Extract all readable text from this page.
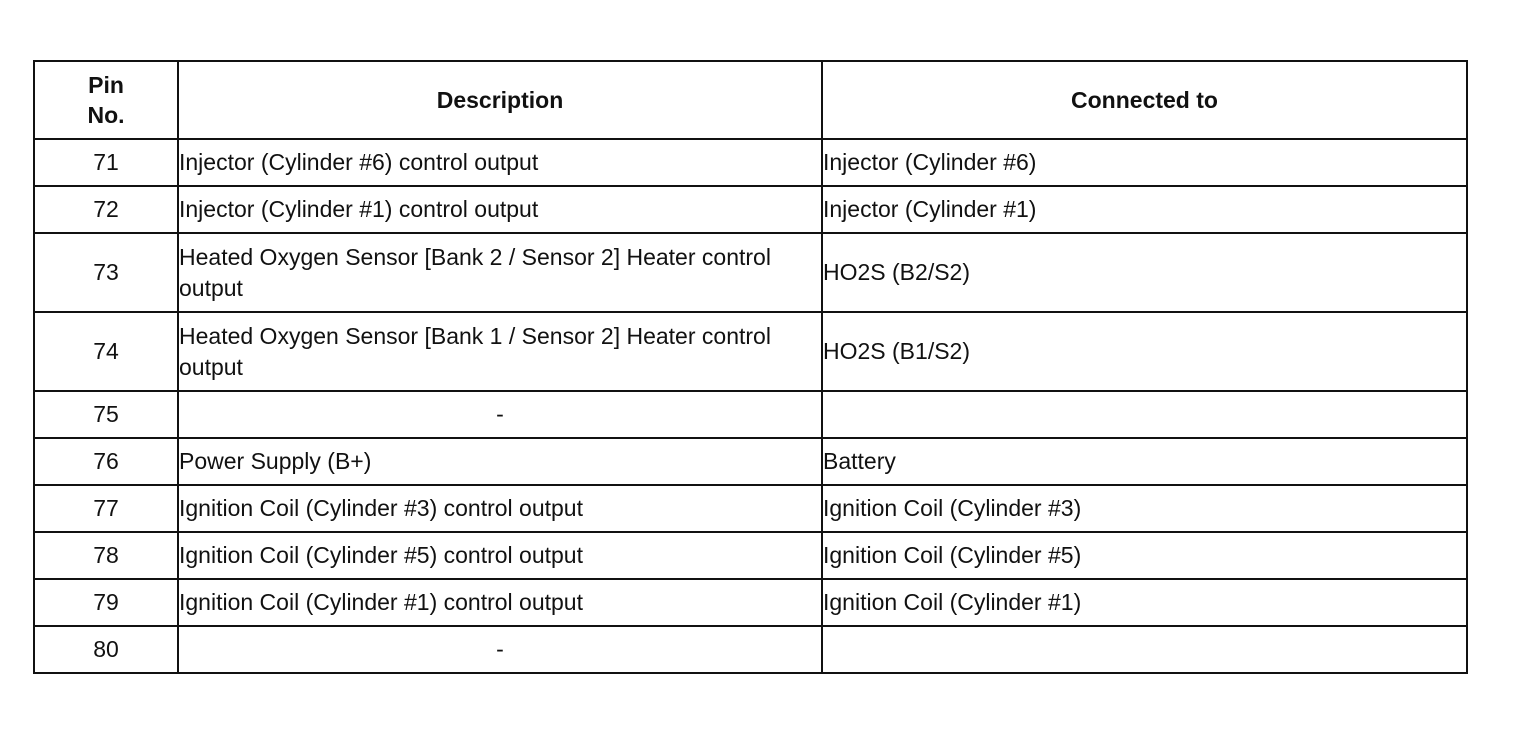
Pin
No.	Description	Connected to
71	Injector (Cylinder #6) control output	Injector (Cylinder #6)
72	Injector (Cylinder #1) control output	Injector (Cylinder #1)
73	Heated Oxygen Sensor [Bank 2 / Sensor 2] Heater control output	HO2S (B2/S2)
74	Heated Oxygen Sensor [Bank 1 / Sensor 2] Heater control output	HO2S (B1/S2)
75	-	
76	Power Supply (B+)	Battery
77	Ignition Coil (Cylinder #3) control output	Ignition Coil (Cylinder #3)
78	Ignition Coil (Cylinder #5) control output	Ignition Coil (Cylinder #5)
79	Ignition Coil (Cylinder #1) control output	Ignition Coil (Cylinder #1)
80	-	
